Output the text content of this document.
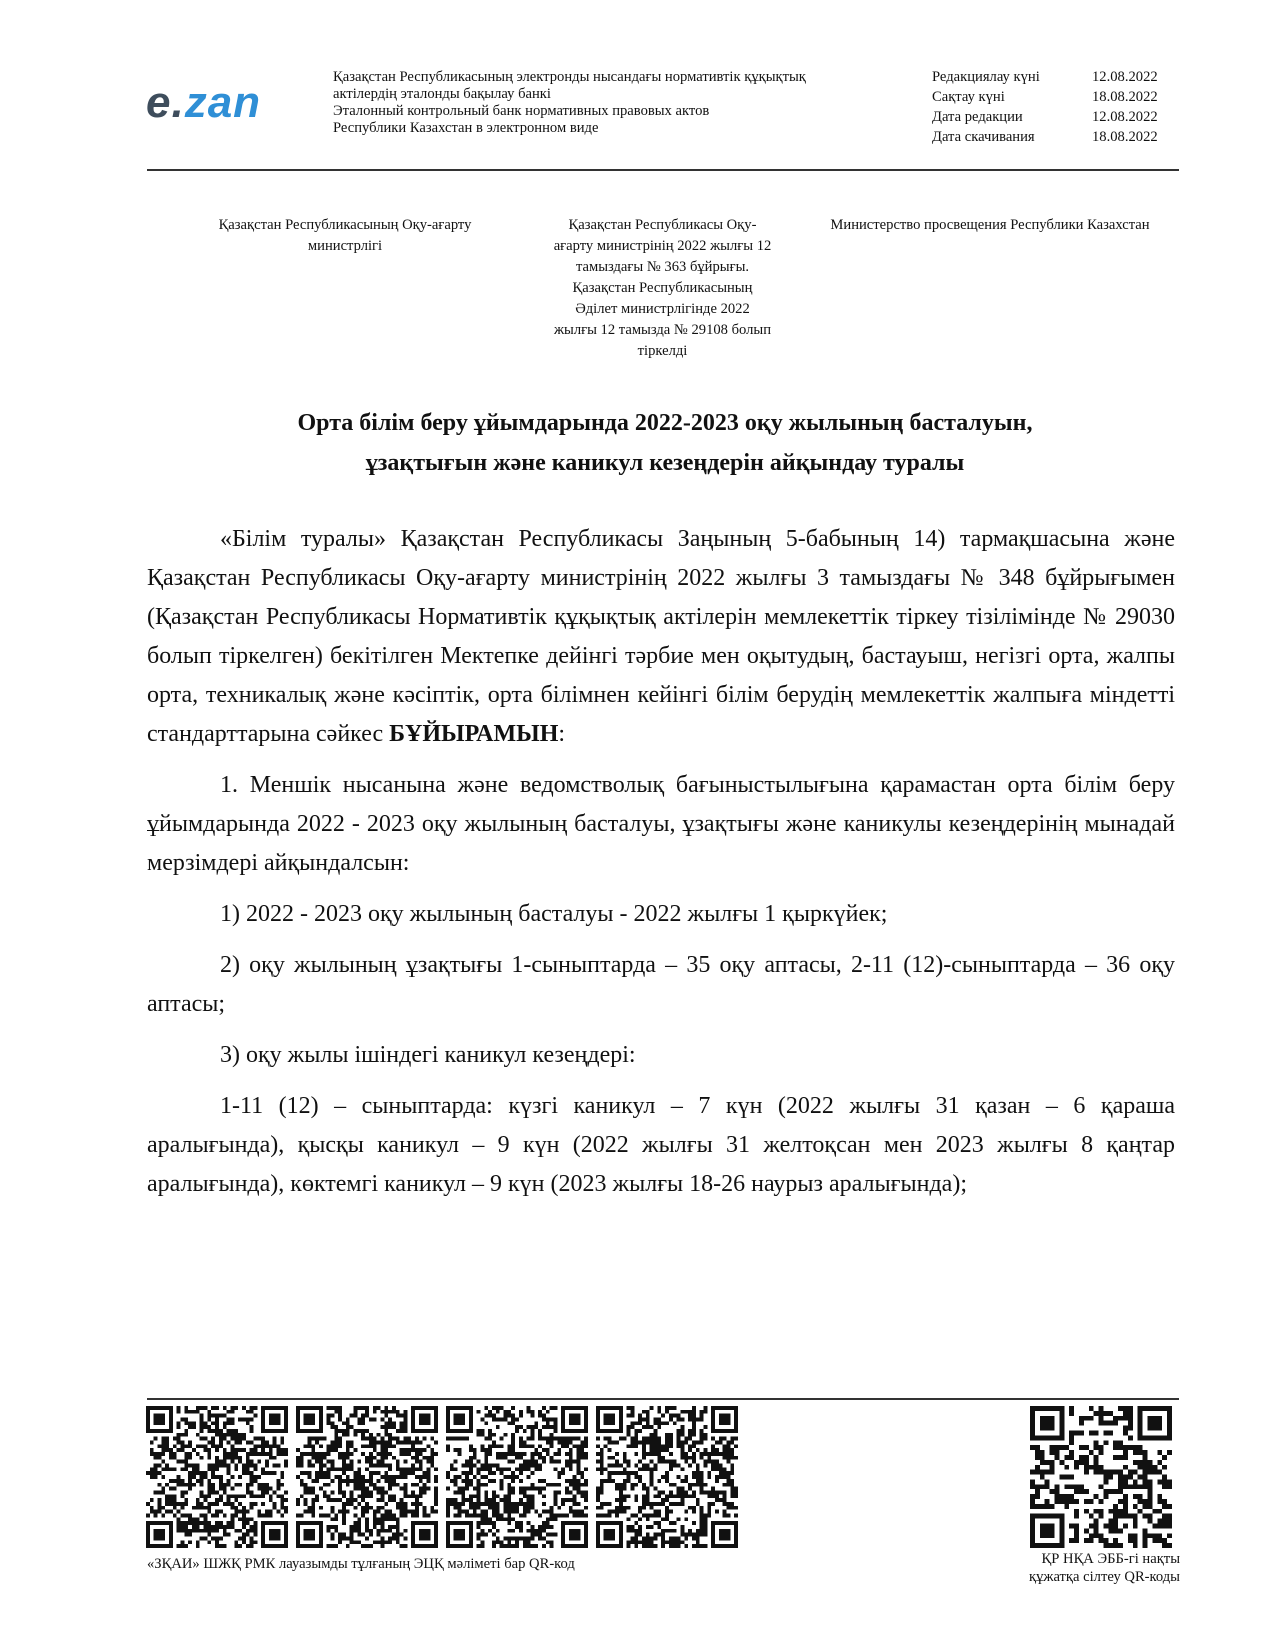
e.zan
Қазақстан Республикасының электронды нысандағы нормативтік құқықтық
актілердің эталонды бақылау банкі
Эталонный контрольный банк нормативных правовых актов
Республики Казахстан в электронном виде
Редакциялау күні	12.08.2022
Сақтау күні	18.08.2022
Дата редакции	12.08.2022
Дата скачивания	18.08.2022
Қазақстан Республикасының Оқу-ағарту
министрлігі
Қазақстан Республикасы Оқу-
ағарту министрінің 2022 жылғы 12
тамыздағы № 363 бұйрығы.
Қазақстан Республикасының
Әділет министрлігінде 2022
жылғы 12 тамызда № 29108 болып
тіркелді
Министерство просвещения Республики Казахстан
Орта білім беру ұйымдарында 2022-2023 оқу жылының басталуын,
ұзақтығын және каникул кезеңдерін айқындау туралы

«Білім туралы» Қазақстан Республикасы Заңының 5-бабының 14) тармақшасына және Қазақстан Республикасы Оқу-ағарту министрінің 2022 жылғы 3 тамыздағы № 348 бұйрығымен (Қазақстан Республикасы Нормативтік құқықтық актілерін мемлекеттік тіркеу тізілімінде № 29030 болып тіркелген) бекітілген Мектепке дейінгі тәрбие мен оқытудың, бастауыш, негізгі орта, жалпы орта, техникалық және кәсіптік, орта білімнен кейінгі білім берудің мемлекеттік жалпыға міндетті стандарттарына сәйкес БҰЙЫРАМЫН:

1. Меншік нысанына және ведомстволық бағыныстылығына қарамастан орта білім беру ұйымдарында 2022 - 2023 оқу жылының басталуы, ұзақтығы және каникулы кезеңдерінің мынадай мерзімдері айқындалсын:

1) 2022 - 2023 оқу жылының басталуы - 2022 жылғы 1 қыркүйек;

2) оқу жылының ұзақтығы 1-сыныптарда – 35 оқу аптасы, 2-11 (12)-сыныптарда – 36 оқу аптасы;

3) оқу жылы ішіндегі каникул кезеңдері:

1-11 (12) – сыныптарда: күзгі каникул – 7 күн (2022 жылғы 31 қазан – 6 қараша аралығында), қысқы каникул – 9 күн (2022 жылғы 31 желтоқсан мен 2023 жылғы 8 қаңтар аралығында), көктемгі каникул – 9 күн (2023 жылғы 18-26 наурыз аралығында);

«ЗҚАИ» ШЖҚ РМК лауазымды тұлғаның ЭЦҚ мәліметі бар QR-код	ҚР НҚА ЭББ-гі нақты
құжатқа сілтеу QR-коды
